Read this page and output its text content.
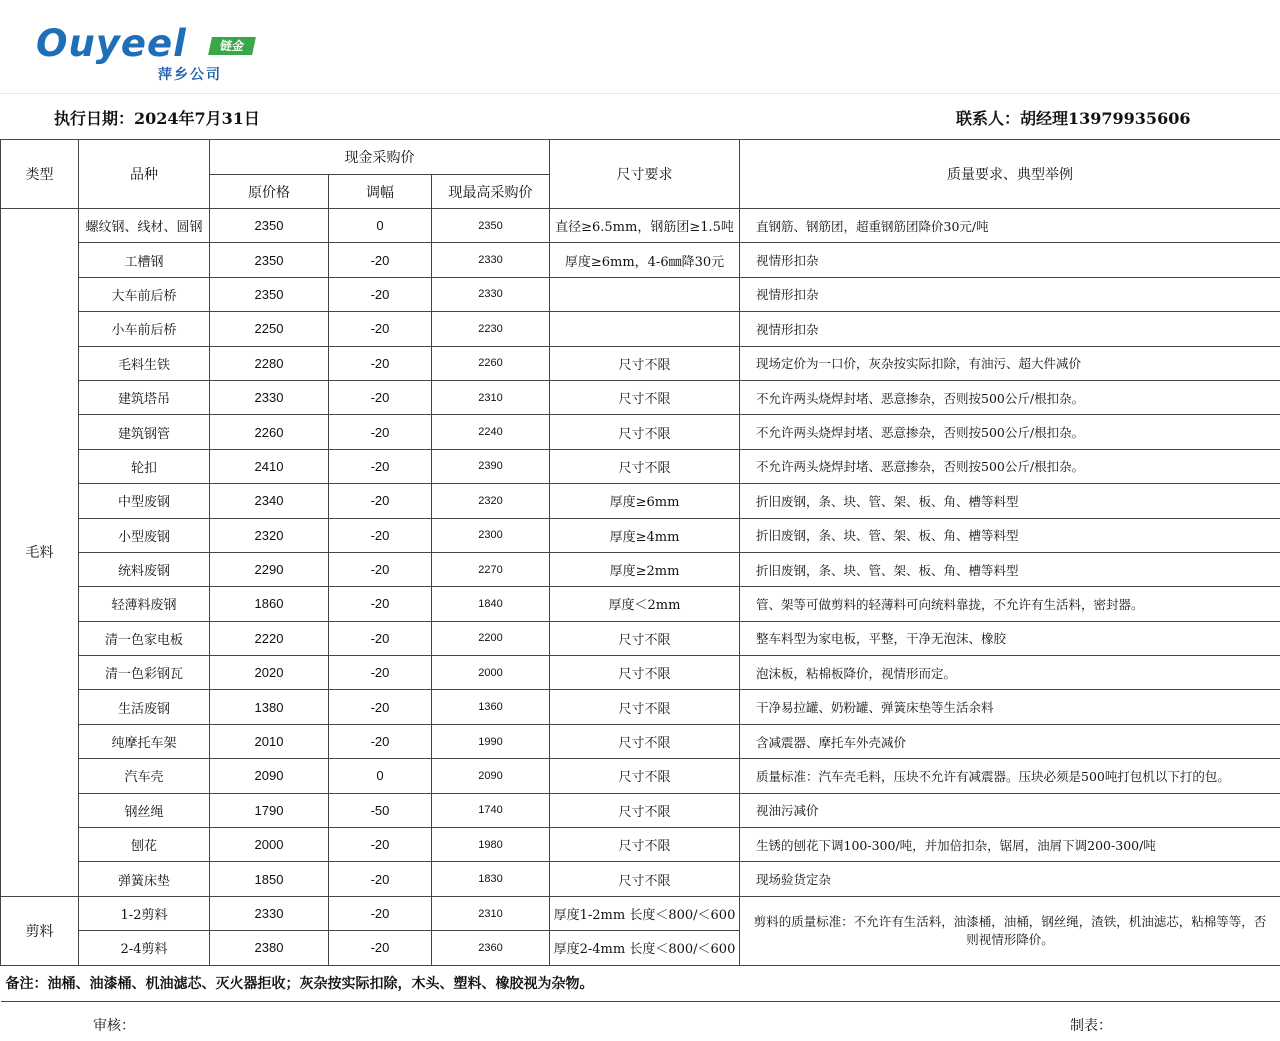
Ouyeel	链金
萍乡公司
执行日期：2024年7月31日	联系人：胡经理13979935606
类型	品种	现金采购价			尺寸要求	质量要求、典型举例
		原价格	调幅	现最高采购价		
毛料	螺纹钢、线材、圆钢	2350	0	2350	直径≥6.5mm，钢筋团≥1.5吨	直钢筋、钢筋团，超重钢筋团降价30元/吨
	工槽钢	2350	-20	2330	厚度≥6mm，4-6㎜降30元	视情形扣杂
	大车前后桥	2350	-20	2330		视情形扣杂
	小车前后桥	2250	-20	2230		视情形扣杂
	毛料生铁	2280	-20	2260	尺寸不限	现场定价为一口价，灰杂按实际扣除，有油污、超大件减价
	建筑塔吊	2330	-20	2310	尺寸不限	不允许两头烧焊封堵、恶意掺杂，否则按500公斤/根扣杂。
	建筑钢管	2260	-20	2240	尺寸不限	不允许两头烧焊封堵、恶意掺杂，否则按500公斤/根扣杂。
	轮扣	2410	-20	2390	尺寸不限	不允许两头烧焊封堵、恶意掺杂，否则按500公斤/根扣杂。
	中型废钢	2340	-20	2320	厚度≥6mm	折旧废钢，条、块、管、架、板、角、槽等料型
	小型废钢	2320	-20	2300	厚度≥4mm	折旧废钢，条、块、管、架、板、角、槽等料型
	统料废钢	2290	-20	2270	厚度≥2mm	折旧废钢，条、块、管、架、板、角、槽等料型
	轻薄料废钢	1860	-20	1840	厚度＜2mm	管、架等可做剪料的轻薄料可向统料靠拢，不允许有生活料，密封器。
	清一色家电板	2220	-20	2200	尺寸不限	整车料型为家电板，平整，干净无泡沫、橡胶
	清一色彩钢瓦	2020	-20	2000	尺寸不限	泡沫板，粘棉板降价，视情形而定。
	生活废钢	1380	-20	1360	尺寸不限	干净易拉罐、奶粉罐、弹簧床垫等生活余料
	纯摩托车架	2010	-20	1990	尺寸不限	含减震器、摩托车外壳减价
	汽车壳	2090	0	2090	尺寸不限	质量标准：汽车壳毛料，压块不允许有减震器。压块必须是500吨打包机以下打的包。
	钢丝绳	1790	-50	1740	尺寸不限	视油污减价
	刨花	2000	-20	1980	尺寸不限	生锈的刨花下调100-300/吨，并加倍扣杂，锯屑，油屑下调200-300/吨
	弹簧床垫	1850	-20	1830	尺寸不限	现场验货定杂
剪料	1-2剪料	2330	-20	2310	厚度1-2mm 长度＜800/＜600	剪料的质量标准：不允许有生活料，油漆桶，油桶，钢丝绳，渣铁，机油滤芯，粘棉等等，否则视情形降价。
	2-4剪料	2380	-20	2360	厚度2-4mm 长度＜800/＜600	
备注：油桶、油漆桶、机油滤芯、灭火器拒收；灰杂按实际扣除，木头、塑料、橡胶视为杂物。						
审核：	制表：
